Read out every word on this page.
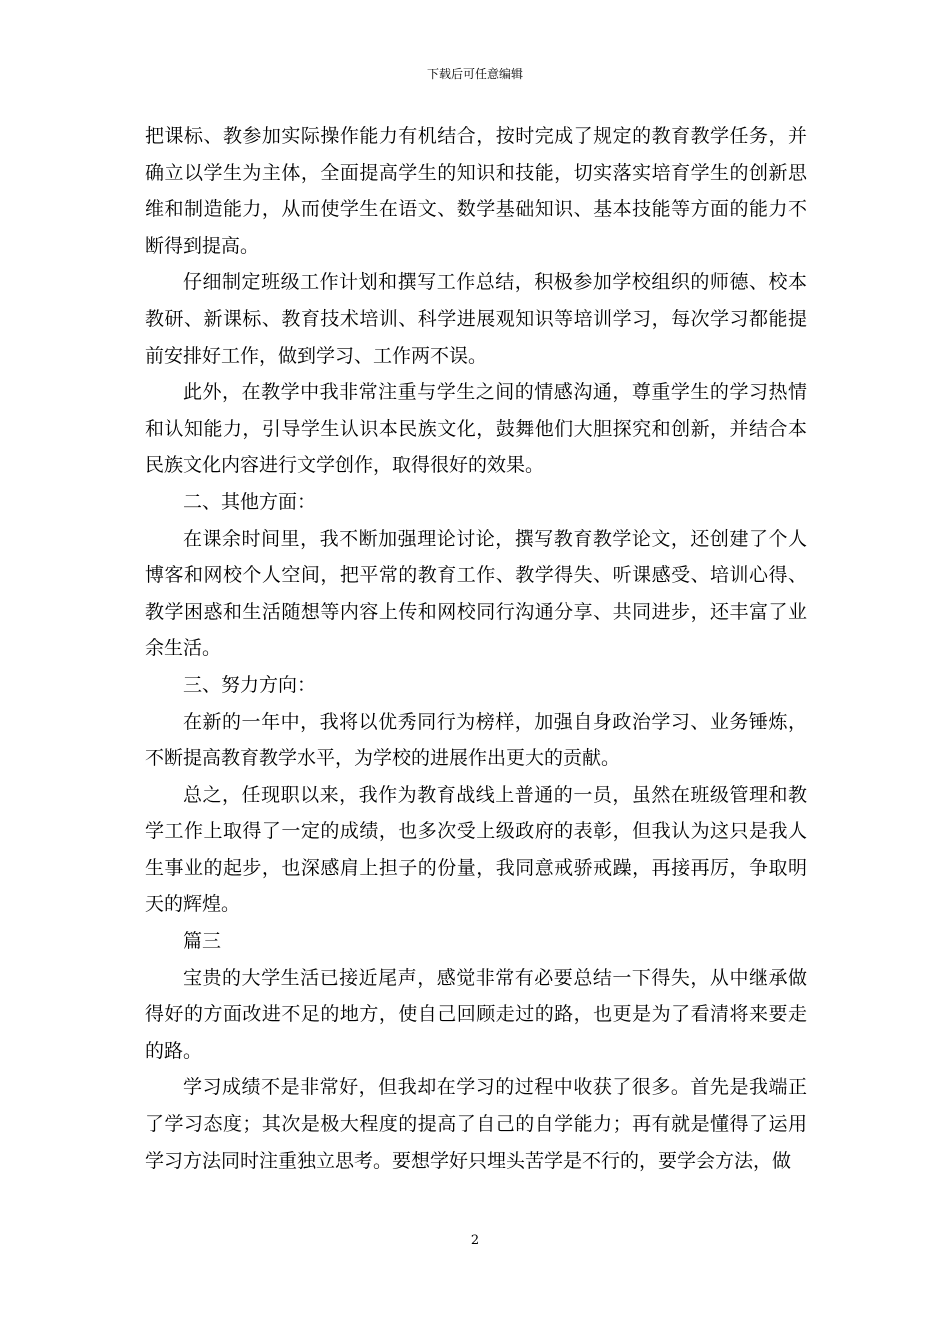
下载后可任意编辑

把课标、教参加实际操作能力有机结合，按时完成了规定的教育教学任务，并确立以学生为主体，全面提高学生的知识和技能，切实落实培育学生的创新思维和制造能力，从而使学生在语文、数学基础知识、基本技能等方面的能力不断得到提高。

仔细制定班级工作计划和撰写工作总结，积极参加学校组织的师德、校本教研、新课标、教育技术培训、科学进展观知识等培训学习，每次学习都能提前安排好工作，做到学习、工作两不误。

此外，在教学中我非常注重与学生之间的情感沟通，尊重学生的学习热情和认知能力，引导学生认识本民族文化，鼓舞他们大胆探究和创新，并结合本民族文化内容进行文学创作，取得很好的效果。

二、其他方面：

在课余时间里，我不断加强理论讨论，撰写教育教学论文，还创建了个人博客和网校个人空间，把平常的教育工作、教学得失、听课感受、培训心得、教学困惑和生活随想等内容上传和网校同行沟通分享、共同进步，还丰富了业余生活。

三、努力方向：

在新的一年中，我将以优秀同行为榜样，加强自身政治学习、业务锤炼，不断提高教育教学水平，为学校的进展作出更大的贡献。

总之，任现职以来，我作为教育战线上普通的一员，虽然在班级管理和教学工作上取得了一定的成绩，也多次受上级政府的表彰，但我认为这只是我人生事业的起步，也深感肩上担子的份量，我同意戒骄戒躁，再接再厉，争取明天的辉煌。

篇三

宝贵的大学生活已接近尾声，感觉非常有必要总结一下得失，从中继承做得好的方面改进不足的地方，使自己回顾走过的路，也更是为了看清将来要走的路。

学习成绩不是非常好，但我却在学习的过程中收获了很多。首先是我端正了学习态度；其次是极大程度的提高了自己的自学能力；再有就是懂得了运用学习方法同时注重独立思考。要想学好只埋头苦学是不行的，要学会方法，做

2
